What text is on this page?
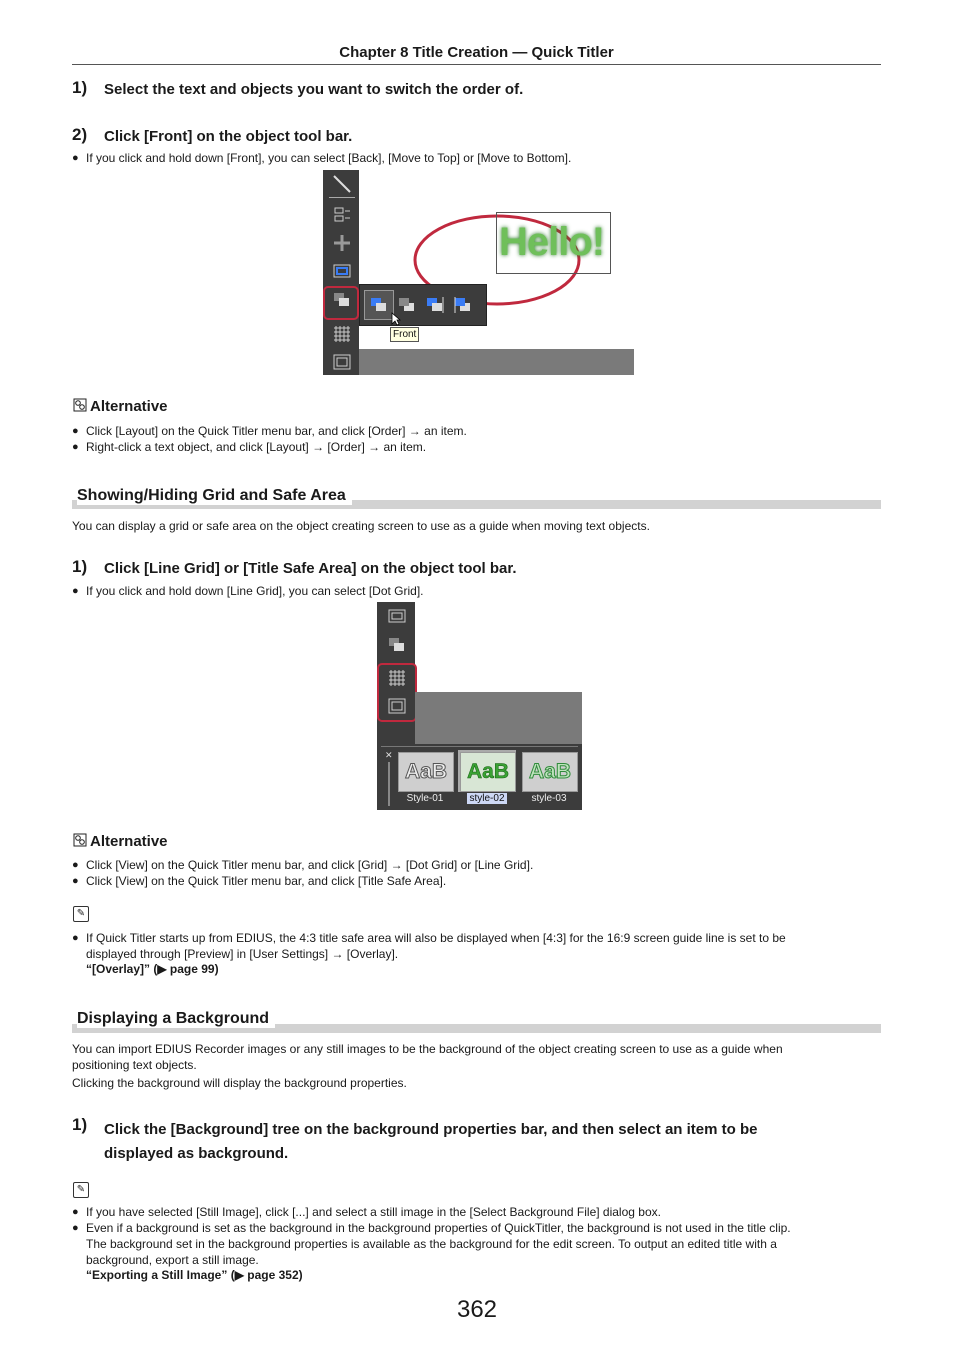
Chapter 8 Title Creation — Quick Titler
1) Select the text and objects you want to switch the order of.
2) Click [Front] on the object tool bar.
● If you click and hold down [Front], you can select [Back], [Move to Top] or [Move to Bottom].
Hello!
Front
Alternative
● Click [Layout] on the Quick Titler menu bar, and click [Order] → an item.
● Right-click a text object, and click [Layout] → [Order] → an item.
Showing/Hiding Grid and Safe Area
You can display a grid or safe area on the object creating screen to use as a guide when moving text objects.
1) Click [Line Grid] or [Title Safe Area] on the object tool bar.
● If you click and hold down [Line Grid], you can select [Dot Grid].
✕
AaB AaB AaB
Style-01	style-02	style-03
Alternative
● Click [View] on the Quick Titler menu bar, and click [Grid] → [Dot Grid] or [Line Grid].
● Click [View] on the Quick Titler menu bar, and click [Title Safe Area].
✎
● If Quick Titler starts up from EDIUS, the 4:3 title safe area will also be displayed when [4:3] for the 16:9 screen guide line is set to be
displayed through [Preview] in [User Settings] → [Overlay].
“[Overlay]” (▶ page 99)
Displaying a Background
You can import EDIUS Recorder images or any still images to be the background of the object creating screen to use as a guide when
positioning text objects.
Clicking the background will display the background properties.
1) Click the [Background] tree on the background properties bar, and then select an item to be
displayed as background.
✎
● If you have selected [Still Image], click [...] and select a still image in the [Select Background File] dialog box.
● Even if a background is set as the background in the background properties of QuickTitler, the background is not used in the title clip.
The background set in the background properties is available as the background for the edit screen. To output an edited title with a
background, export a still image.
“Exporting a Still Image” (▶ page 352)
362
